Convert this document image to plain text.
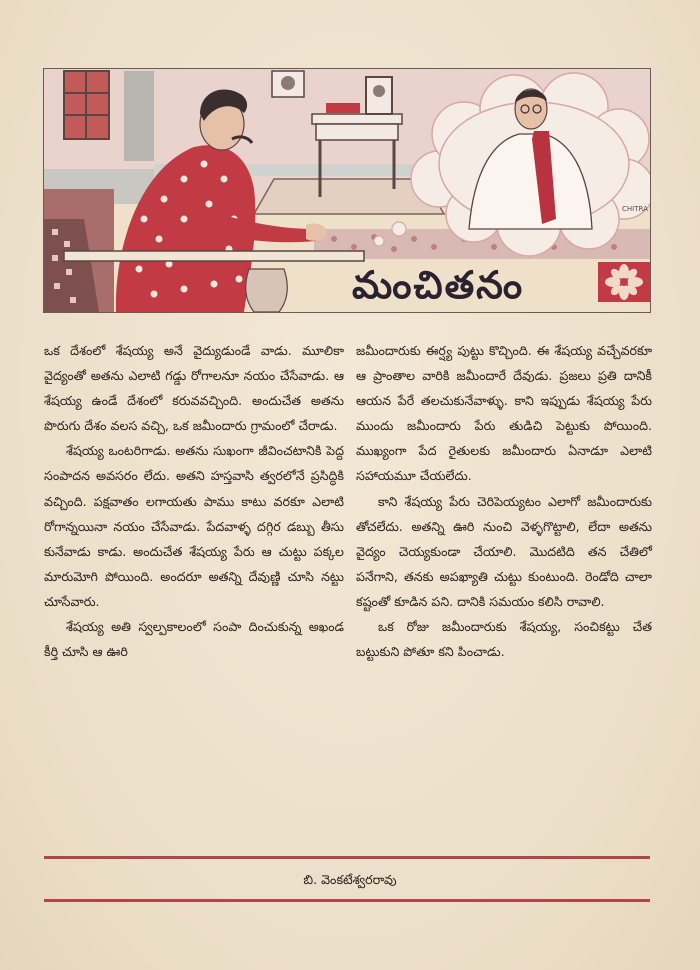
CHITRA
మంచితనం

ఒక దేశంలో శేషయ్య అనే వైద్యుడుండే వాడు. మూలికా వైద్యంతో అతను ఎలాటి గడ్డు రోగాలనూ నయం చేసేవాడు. ఆ శేషయ్య ఉండే దేశంలో కరువవచ్చింది. అందుచేత అతను పొరుగు దేశం వలస వచ్చి, ఒక జమీందారు గ్రామంలో చేరాడు.

శేషయ్య ఒంటరిగాడు. అతను సుఖంగా జీవించటానికి పెద్ద సంపాదన అవసరం లేదు. అతని హస్తవాసి త్వరలోనే ప్రసిద్ధికి వచ్చింది. పక్షవాతం లగాయతు పాము కాటు వరకూ ఎలాటి రోగాన్నయినా నయం చేసేవాడు. పేదవాళ్ళ దగ్గిర డబ్బు తీసు కునేవాడు కాడు. అందుచేత శేషయ్య పేరు ఆ చుట్టు పక్కల మారుమోగి పోయింది. అందరూ అతన్ని దేవుణ్ణి చూసి నట్టు చూసేవారు.

శేషయ్య అతి స్వల్పకాలంలో సంపా దించుకున్న అఖండ కీర్తి చూసి ఆ ఊరి

జమీందారుకు ఈర్ష్య పుట్టు కొచ్చింది. ఈ శేషయ్య వచ్చేవరకూ ఆ ప్రాంతాల వారికి జమీందారే దేవుడు. ప్రజలు ప్రతి దానికీ ఆయన పేరే తలచుకునేవాళ్ళు. కాని ఇప్పుడు శేషయ్య పేరు ముందు జమీందారు పేరు తుడిచి పెట్టుకు పోయింది. ముఖ్యంగా పేద రైతులకు జమీందారు ఏనాడూ ఎలాటి సహాయమూ చేయలేదు.

కాని శేషయ్య పేరు చెరిపెయ్యటం ఎలాగో జమీందారుకు తోచలేదు. అతన్ని ఊరి నుంచి వెళ్ళగొట్టాలి, లేదా అతను వైద్యం చెయ్యకుండా చేయాలి. మొదటిది తన చేతిలో పనేగాని, తనకు అపఖ్యాతి చుట్టు కుంటుంది. రెండోది చాలా కష్టంతో కూడిన పని. దానికి సమయం కలిసి రావాలి.

ఒక రోజు జమీందారుకు శేషయ్య, సంచికట్టు చేత బట్టుకుని పోతూ కని పించాడు.

బి. వెంకటేశ్వరరావు
